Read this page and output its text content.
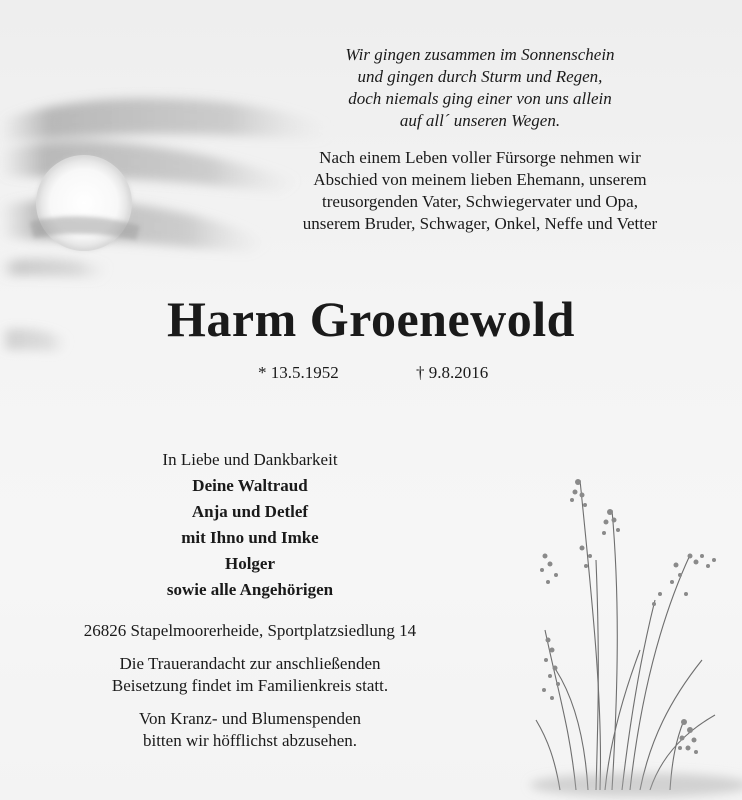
Wir gingen zusammen im Sonnenschein
und gingen durch Sturm und Regen,
doch niemals ging einer von uns allein
auf all´ unseren Wegen.
Nach einem Leben voller Fürsorge nehmen wir
Abschied von meinem lieben Ehemann, unserem
treusorgenden Vater, Schwiegervater und Opa,
unserem Bruder, Schwager, Onkel, Neffe und Vetter
Harm Groenewold
* 13.5.1952	† 9.8.2016
In Liebe und Dankbarkeit
Deine Waltraud
Anja und Detlef
mit Ihno und Imke
Holger
sowie alle Angehörigen
26826 Stapelmoorerheide, Sportplatzsiedlung 14
Die Trauerandacht zur anschließenden
Beisetzung findet im Familienkreis statt.
Von Kranz- und Blumenspenden
bitten wir höfflichst abzusehen.
